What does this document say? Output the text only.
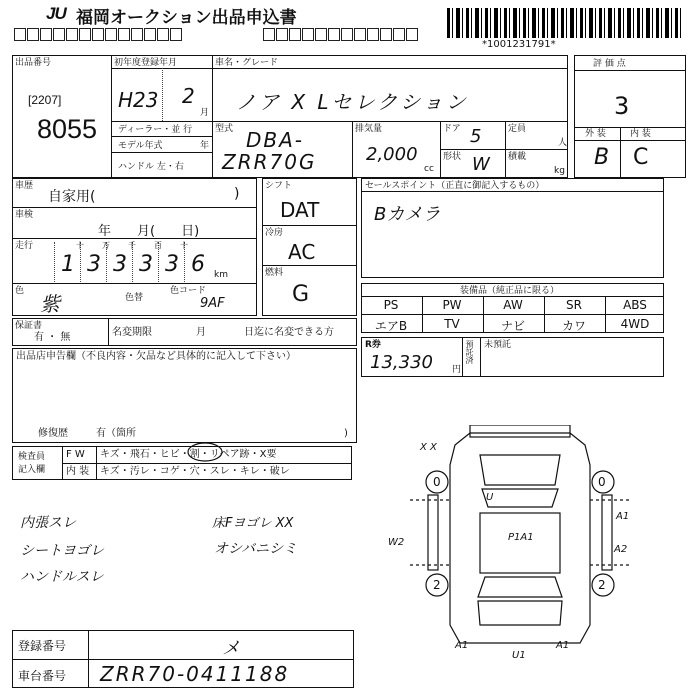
JU 福岡オークション出品申込書
*1001231791*
出品番号
[2207]
8055
初年度登録年月
H23 2
月
車名・グレード
ノア X Lセレクション
ディーラー・並 行
モデル年式	年
ハンドル 左・右
型式 DBA-
ZRR70G
排気量
2,000
cc
ドア 5
形状 W
定員
人
積載
kg
評 価 点
3
外 装	内 装
B C
車歴
自家用(	)
車検
年　　月(　　日)
走行
1 3 3 3 3 6
十 万 千 百 十
km
色
紫	色替
色コード
9AF
シフト
DAT
冷房
AC
燃料
G
セールスポイント（正直に御記入するもの）
Bカメラ
装備品（純正品に限る）
PS	PW	AW	SR	ABS
エアB	TV	ナビ	カワ	4WD
保証書
有 ・ 無	名変期限	月	日迄に名変できる方
R券
13,330 円
預託済 未預託
出品店申告欄（不良内容・欠品など具体的に記入して下さい）
修復歴	有（箇所	)
検査員
記入欄
F W キズ・飛石・ヒビ・割・リペア跡・X要
内 装 キズ・汚レ・コゲ・穴・スレ・キレ・破レ
内張スレ
シートヨゴレ
ハンドルスレ
床Fヨゴレ XX
オシバニシミ
0	0
2	2
X X
W2
A1
A2
P1A1
U
A1
U1
A1
登録番号	メ
車台番号 ZRR70-0411188
